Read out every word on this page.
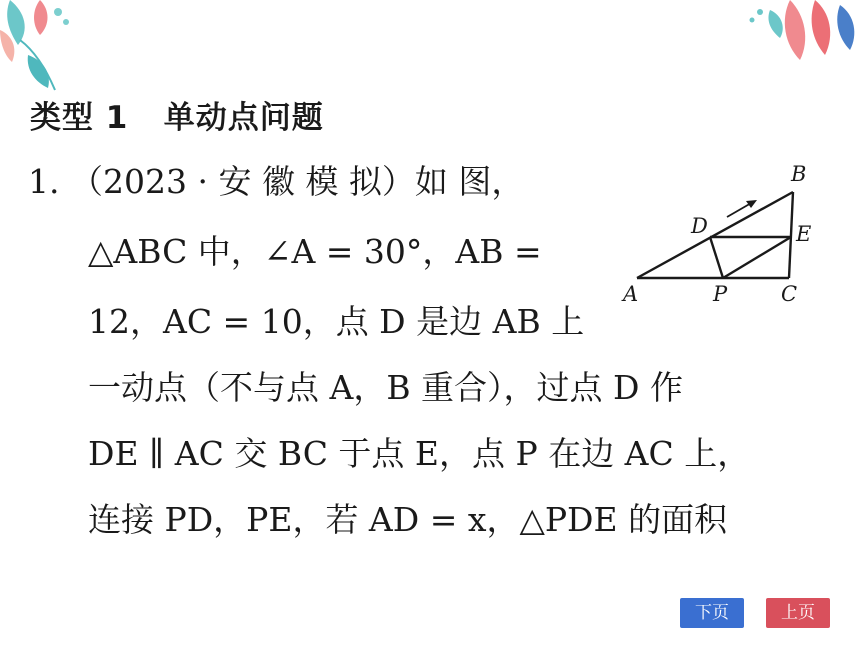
类型 1 单动点问题
1. （2023 · 安 徽 模 拟）如 图，
△ABC 中，∠A = 30°，AB =
12，AC = 10，点 D 是边 AB 上
一动点（不与点 A，B 重合），过点 D 作
DE ∥ AC 交 BC 于点 E，点 P 在边 AC 上，
连接 PD，PE，若 AD = x，△PDE 的面积
A
B
C
D	E
P
下页	上页
